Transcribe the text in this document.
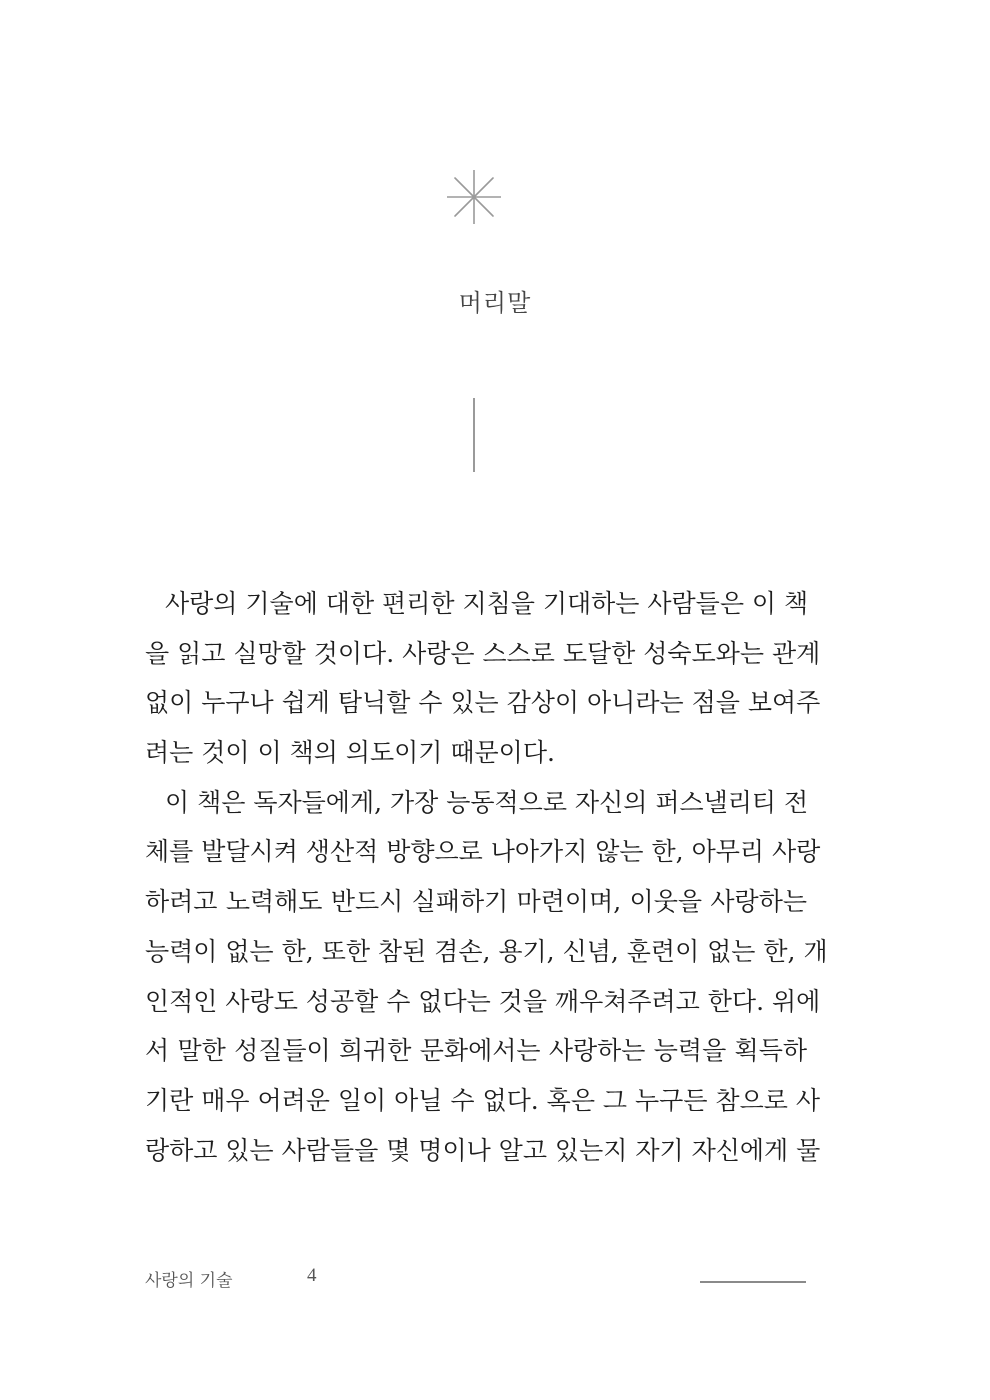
머리말
사랑의 기술에 대한 편리한 지침을 기대하는 사람들은 이 책
을 읽고 실망할 것이다. 사랑은 스스로 도달한 성숙도와는 관계
없이 누구나 쉽게 탐닉할 수 있는 감상이 아니라는 점을 보여주
려는 것이 이 책의 의도이기 때문이다.
이 책은 독자들에게, 가장 능동적으로 자신의 퍼스낼리티 전
체를 발달시켜 생산적 방향으로 나아가지 않는 한, 아무리 사랑
하려고 노력해도 반드시 실패하기 마련이며, 이웃을 사랑하는
능력이 없는 한, 또한 참된 겸손, 용기, 신념, 훈련이 없는 한, 개
인적인 사랑도 성공할 수 없다는 것을 깨우쳐주려고 한다. 위에
서 말한 성질들이 희귀한 문화에서는 사랑하는 능력을 획득하
기란 매우 어려운 일이 아닐 수 없다. 혹은 그 누구든 참으로 사
랑하고 있는 사람들을 몇 명이나 알고 있는지 자기 자신에게 물
사랑의 기술	4
